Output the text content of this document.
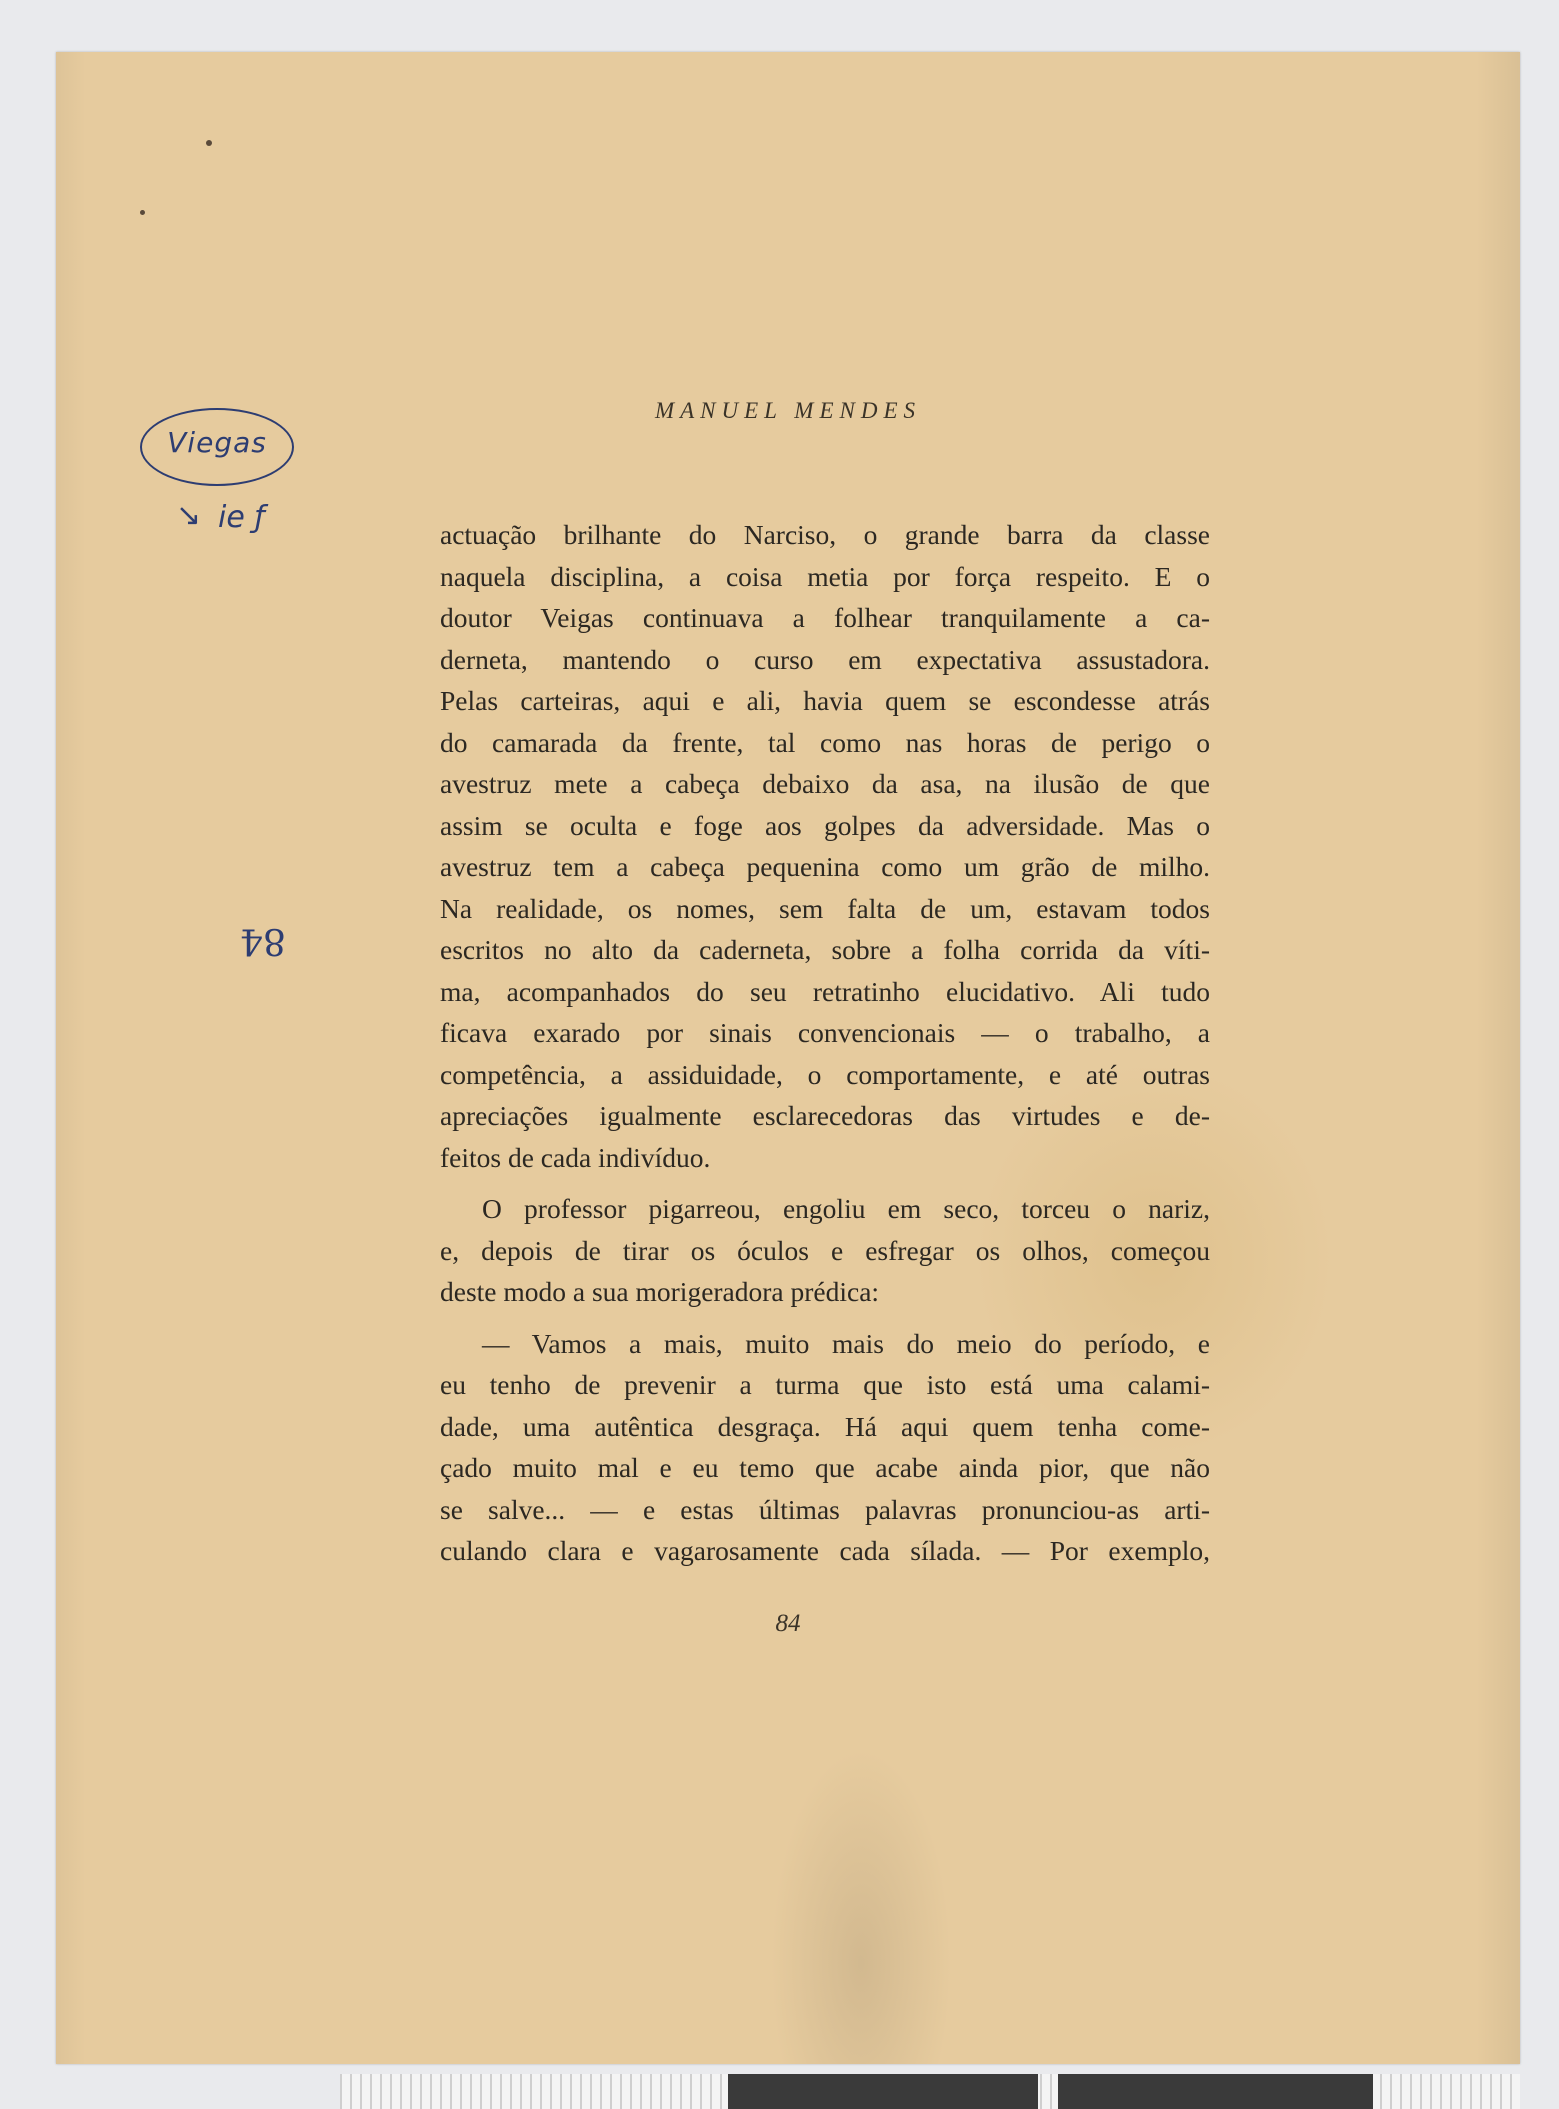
MANUEL MENDES
actuação brilhante do Narciso, o grande barra da classe
naquela disciplina, a coisa metia por força respeito. E o
doutor Veigas continuava a folhear tranquilamente a ca-
derneta, mantendo o curso em expectativa assustadora.
Pelas carteiras, aqui e ali, havia quem se escondesse atrás
do camarada da frente, tal como nas horas de perigo o
avestruz mete a cabeça debaixo da asa, na ilusão de que
assim se oculta e foge aos golpes da adversidade. Mas o
avestruz tem a cabeça pequenina como um grão de milho.
Na realidade, os nomes, sem falta de um, estavam todos
escritos no alto da caderneta, sobre a folha corrida da víti-
ma, acompanhados do seu retratinho elucidativo. Ali tudo
ficava exarado por sinais convencionais — o trabalho, a
competência, a assiduidade, o comportamente, e até outras
apreciações igualmente esclarecedoras das virtudes e de-
feitos de cada indivíduo.
O professor pigarreou, engoliu em seco, torceu o nariz,
e, depois de tirar os óculos e esfregar os olhos, começou
deste modo a sua morigeradora prédica:
— Vamos a mais, muito mais do meio do período, e
eu tenho de prevenir a turma que isto está uma calami-
dade, uma autêntica desgraça. Há aqui quem tenha come-
çado muito mal e eu temo que acabe ainda pior, que não
se salve... — e estas últimas palavras pronunciou-as arti-
culando clara e vagarosamente cada sílada. — Por exemplo,
84
Viegas
↘ ie ƒ
84
